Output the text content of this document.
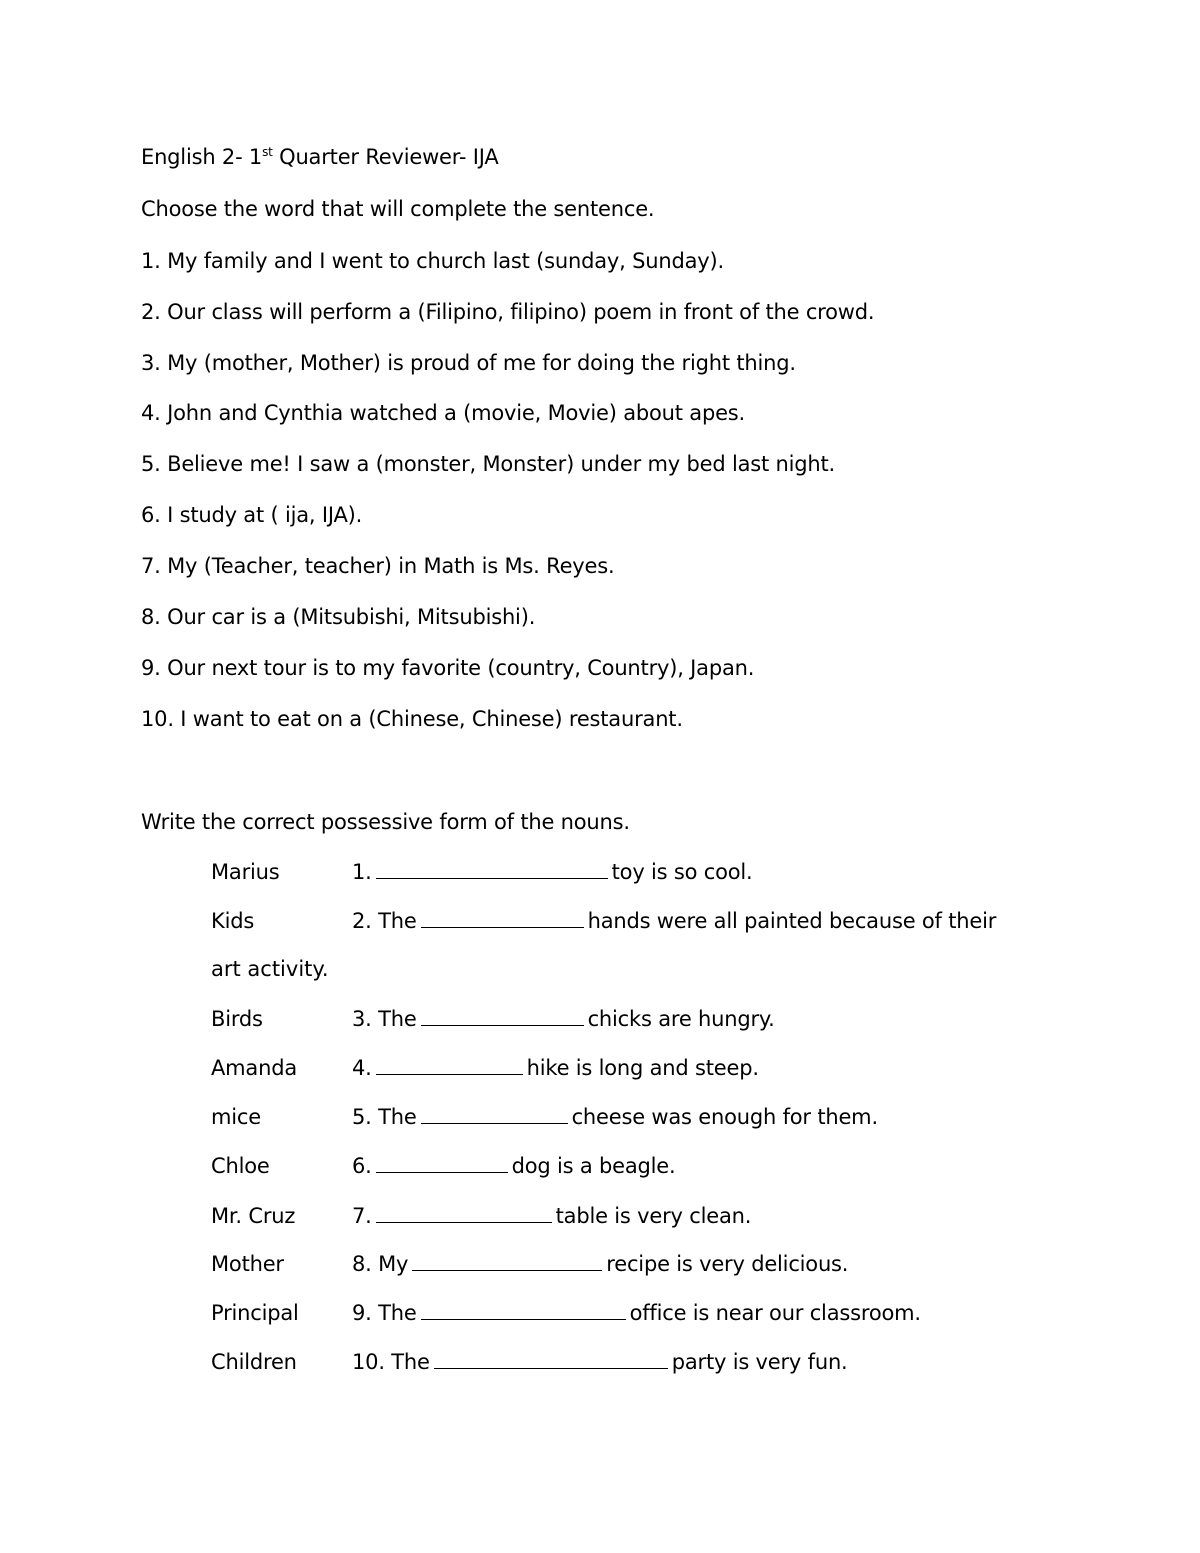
English 2- 1st Quarter Reviewer- IJA
Choose the word that will complete the sentence.
1. My family and I went to church last (sunday, Sunday).
2. Our class will perform a (Filipino, filipino) poem in front of the crowd.
3. My (mother, Mother) is proud of me for doing the right thing.
4. John and Cynthia watched a (movie, Movie) about apes.
5. Believe me! I saw a (monster, Monster) under my bed last night.
6. I study at ( ija, IJA).
7. My (Teacher, teacher) in Math is Ms. Reyes.
8. Our car is a (Mitsubishi, Mitsubishi).
9. Our next tour is to my favorite (country, Country), Japan.
10. I want to eat on a (Chinese, Chinese) restaurant.
Write the correct possessive form of the nouns.
Marius	1.	toy is so cool.
Kids	2. The	hands were all painted because of their
art activity.
Birds	3. The	chicks are hungry.
Amanda	4.	hike is long and steep.
mice	5. The	cheese was enough for them.
Chloe	6.	dog is a beagle.
Mr. Cruz	7.	table is very clean.
Mother	8. My	recipe is very delicious.
Principal	9. The	office is near our classroom.
Children	10. The	party is very fun.
